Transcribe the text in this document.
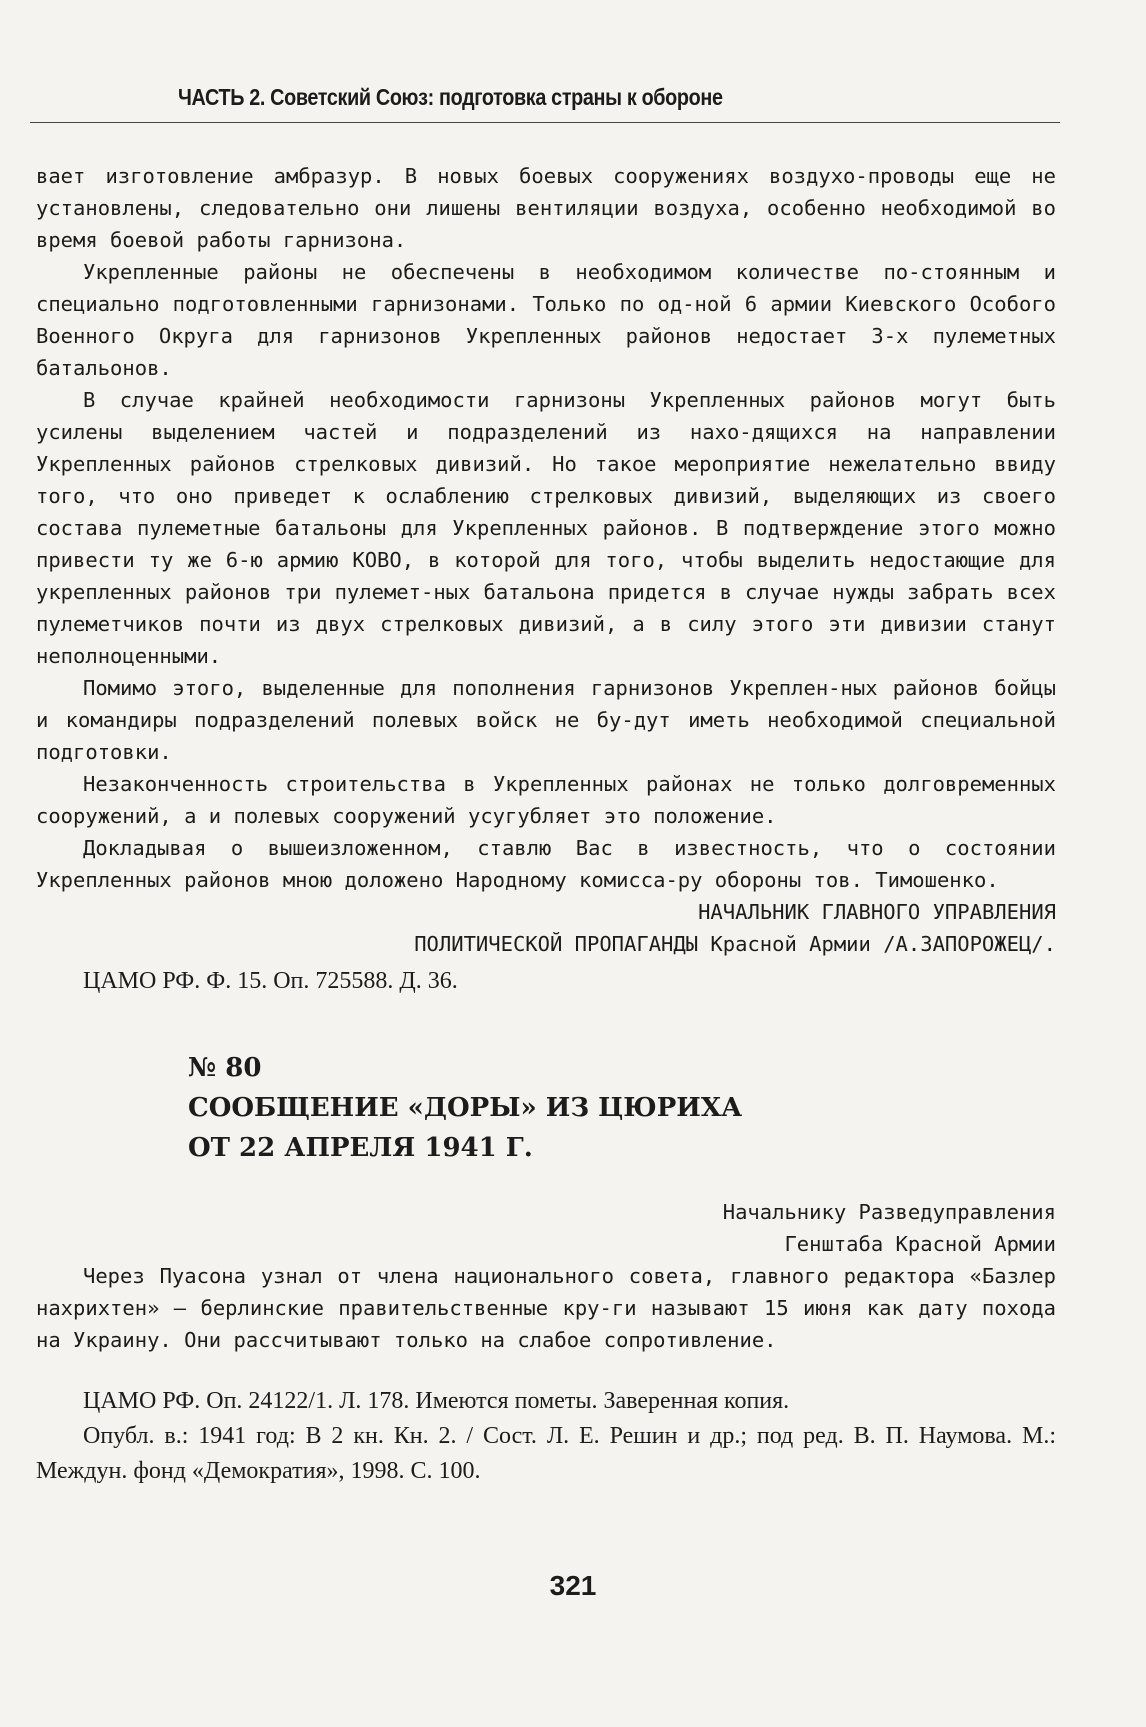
ЧАСТЬ 2. Советский Союз: подготовка страны к обороне

вает изготовление амбразур. В новых боевых сооружениях воздухо-проводы еще не установлены, следовательно они лишены вентиляции воздуха, особенно необходимой во время боевой работы гарнизона.

Укрепленные районы не обеспечены в необходимом количестве по-стоянным и специально подготовленными гарнизонами. Только по од-ной 6 армии Киевского Особого Военного Округа для гарнизонов Укрепленных районов недостает 3-х пулеметных батальонов.

В случае крайней необходимости гарнизоны Укрепленных районов могут быть усилены выделением частей и подразделений из нахо-дящихся на направлении Укрепленных районов стрелковых дивизий. Но такое мероприятие нежелательно ввиду того, что оно приведет к ослаблению стрелковых дивизий, выделяющих из своего состава пулеметные батальоны для Укрепленных районов. В подтверждение этого можно привести ту же 6-ю армию КОВО, в которой для того, чтобы выделить недостающие для укрепленных районов три пулемет-ных батальона придется в случае нужды забрать всех пулеметчиков почти из двух стрелковых дивизий, а в силу этого эти дивизии станут неполноценными.

Помимо этого, выделенные для пополнения гарнизонов Укреплен-ных районов бойцы и командиры подразделений полевых войск не бу-дут иметь необходимой специальной подготовки.

Незаконченность строительства в Укрепленных районах не только долговременных сооружений, а и полевых сооружений усугубляет это положение.

Докладывая о вышеизложенном, ставлю Вас в известность, что о состоянии Укрепленных районов мною доложено Народному комисса-ру обороны тов. Тимошенко.

НАЧАЛЬНИК ГЛАВНОГО УПРАВЛЕНИЯ

ПОЛИТИЧЕСКОЙ ПРОПАГАНДЫ Красной Армии /А.ЗАПОРОЖЕЦ/.

ЦАМО РФ. Ф. 15. Оп. 725588. Д. 36.

№ 80

СООБЩЕНИЕ «ДОРЫ» ИЗ ЦЮРИХА

ОТ 22 АПРЕЛЯ 1941 Г.

Начальнику Разведуправления

Генштаба Красной Армии

Через Пуасона узнал от члена национального совета, главного редактора «Базлер нахрихтен» — берлинские правительственные кру-ги называют 15 июня как дату похода на Украину. Они рассчитывают только на слабое сопротивление.

ЦАМО РФ. Оп. 24122/1. Л. 178. Имеются пометы. Заверенная копия.

Опубл. в.: 1941 год: В 2 кн. Кн. 2. / Сост. Л. Е. Решин и др.; под ред. В. П. Наумова. М.: Междун. фонд «Демократия», 1998. С. 100.

321
